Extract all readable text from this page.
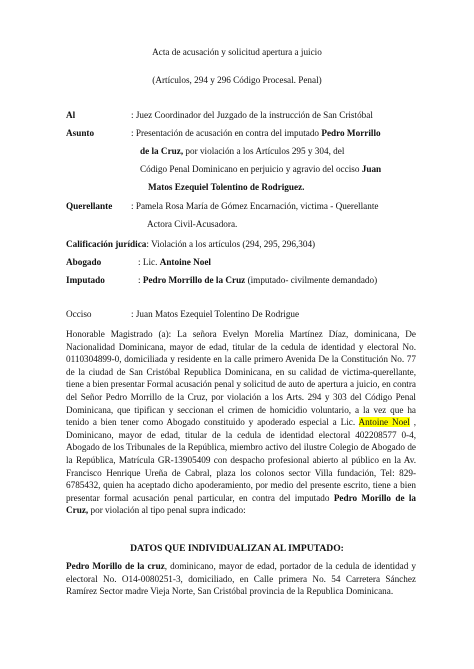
Acta de acusación y solicitud apertura a juicio
(Artículos, 294 y 296 Código Procesal. Penal)
Al	: Juez Coordinador del Juzgado de la instrucción de San Cristóbal
Asunto	: Presentación de acusación en contra del imputado Pedro Morrillo
de la Cruz, por violación a los Artículos 295 y 304, del
Código Penal Dominicano en perjuicio y agravio del occiso Juan
Matos Ezequiel Tolentino de Rodriguez.
Querellante : Pamela Rosa María de Gómez Encarnación, victima - Querellante
Actora Civil-Acusadora.
Calificación jurídica: Violación a los artículos (294, 295, 296,304)
Abogado	: Lic. Antoine Noel
Imputado	: Pedro Morrillo de la Cruz (imputado- civilmente demandado)
Occiso	: Juan Matos Ezequiel Tolentino De Rodrigue
Honorable Magistrado (a): La señora Evelyn Morelia Martínez Díaz, dominicana, De Nacionalidad Dominicana, mayor de edad, titular de la cedula de identidad y electoral No. 0110304899-0, domiciliada y residente en la calle primero Avenida De la Constitución No. 77 de la ciudad de San Cristóbal Republica Dominicana, en su calidad de victima-querellante, tiene a bien presentar Formal acusación penal y solicitud de auto de apertura a juicio, en contra del Señor Pedro Morrillo de la Cruz, por violación a los Arts. 294 y 303 del Código Penal Dominicana, que tipifican y seccionan el crimen de homicidio voluntario, a la vez que ha tenido a bien tener como Abogado constituido y apoderado especial a Lic. Antoine Noel , Dominicano, mayor de edad, titular de la cedula de identidad electoral 402208577 0-4, Abogado de los Tribunales de la República, miembro activo del ilustre Colegio de Abogado de la República, Matrícula GR-13905409 con despacho profesional abierto al público en la Av. Francisco Henrique Ureña de Cabral, plaza los colonos sector Villa fundación, Tel: 829-6785432, quien ha aceptado dicho apoderamiento, por medio del presente escrito, tiene a bien presentar formal acusación penal particular, en contra del imputado Pedro Morillo de la Cruz, por violación al tipo penal supra indicado:
DATOS QUE INDIVIDUALIZAN AL IMPUTADO:
Pedro Morillo de la cruz, dominicano, mayor de edad, portador de la cedula de identidad y electoral No. O14-0080251-3, domiciliado, en Calle primera No. 54 Carretera Sánchez Ramírez Sector madre Vieja Norte, San Cristóbal provincia de la Republica Dominicana.
